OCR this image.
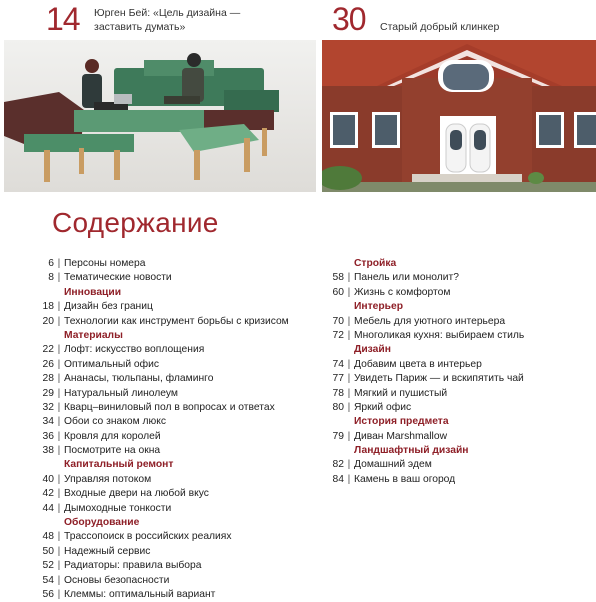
14 Юрген Бей: «Цель дизайна —
заставить думать»	30 Старый добрый клинкер
Содержание
6 | Персоны номера
8 | Тематические новости
Инновации
18 | Дизайн без границ
20 | Технологии как инструмент борьбы с кризисом
Материалы
22 | Лофт: искусство воплощения
26 | Оптимальный офис
28 | Ананасы, тюльпаны, фламинго
29 | Натуральный линолеум
32 | Кварц–виниловый пол в вопросах и ответах
34 | Обои со знаком люкс
36 | Кровля для королей
38 | Посмотрите на окна
Капитальный ремонт
40 | Управляя потоком
42 | Входные двери на любой вкус
44 | Дымоходные тонкости
Оборудование
48 | Трассопоиск в российских реалиях
50 | Надежный сервис
52 | Радиаторы: правила выбора
54 | Основы безопасности
56 | Клеммы: оптимальный вариант
Стройка
58 | Панель или монолит?
60 | Жизнь с комфортом
Интерьер
70 | Мебель для уютного интерьера
72 | Многоликая кухня: выбираем стиль
Дизайн
74 | Добавим цвета в интерьер
77 | Увидеть Париж — и вскипятить чай
78 | Мягкий и пушистый
80 | Яркий офис
История предмета
79 | Диван Marshmallow
Ландшафтный дизайн
82 | Домашний эдем
84 | Камень в ваш огород
